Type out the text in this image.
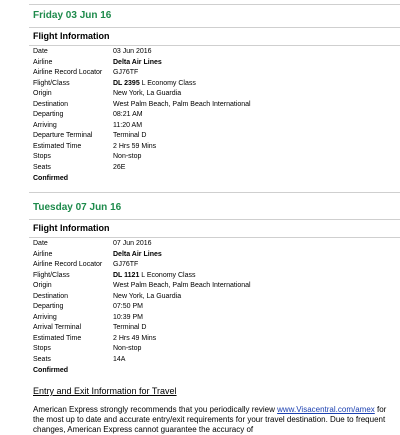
Friday 03 Jun 16
Flight Information
Date	03 Jun 2016
Airline	Delta Air Lines
Airline Record Locator	GJ76TF
Flight/Class	DL 2395 L Economy Class
Origin	New York, La Guardia
Destination	West Palm Beach, Palm Beach International
Departing	08:21 AM
Arriving	11:20 AM
Departure Terminal	Terminal D
Estimated Time	2 Hrs 59 Mins
Stops	Non-stop
Seats	26E
Confirmed
Tuesday 07 Jun 16
Flight Information
Date	07 Jun 2016
Airline	Delta Air Lines
Airline Record Locator	GJ76TF
Flight/Class	DL 1121 L Economy Class
Origin	West Palm Beach, Palm Beach International
Destination	New York, La Guardia
Departing	07:50 PM
Arriving	10:39 PM
Arrival Terminal	Terminal D
Estimated Time	2 Hrs 49 Mins
Stops	Non-stop
Seats	14A
Confirmed
Entry and Exit Information for Travel
American Express strongly recommends that you periodically review www.Visacentral.com/amex for the most up to date and accurate entry/exit requirements for your travel destination. Due to frequent changes, American Express cannot guarantee the accuracy of
